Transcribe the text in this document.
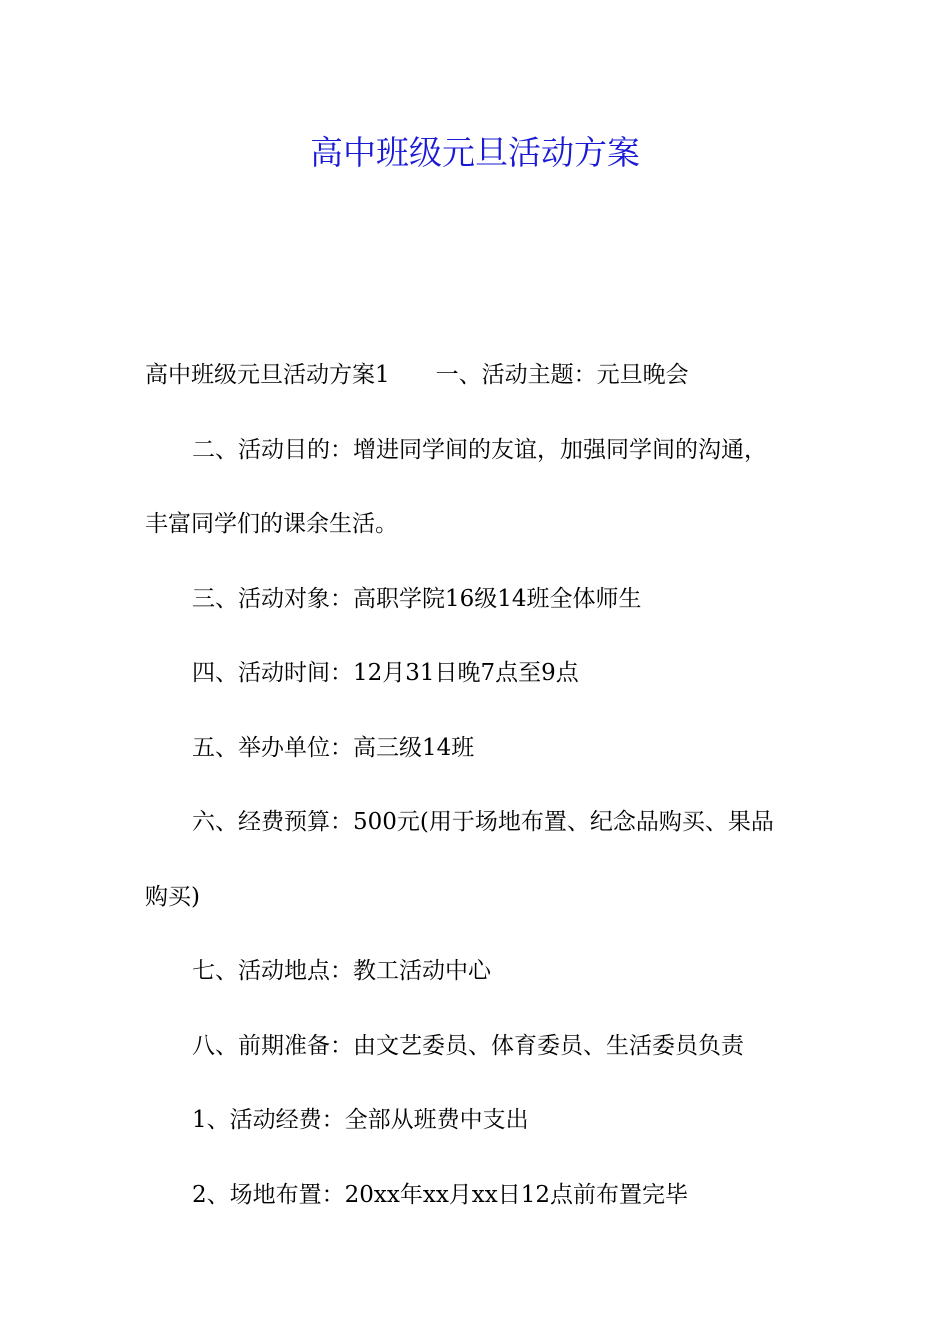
高中班级元旦活动方案

高中班级元旦活动方案1 一、活动主题：元旦晚会

二、活动目的：增进同学间的友谊，加强同学间的沟通，

丰富同学们的课余生活。

三、活动对象：高职学院16级14班全体师生

四、活动时间：12月31日晚7点至9点

五、举办单位：高三级14班

六、经费预算：500元(用于场地布置、纪念品购买、果品

购买)

七、活动地点：教工活动中心

八、前期准备：由文艺委员、体育委员、生活委员负责

1、活动经费：全部从班费中支出

2、场地布置：20xx年xx月xx日12点前布置完毕
